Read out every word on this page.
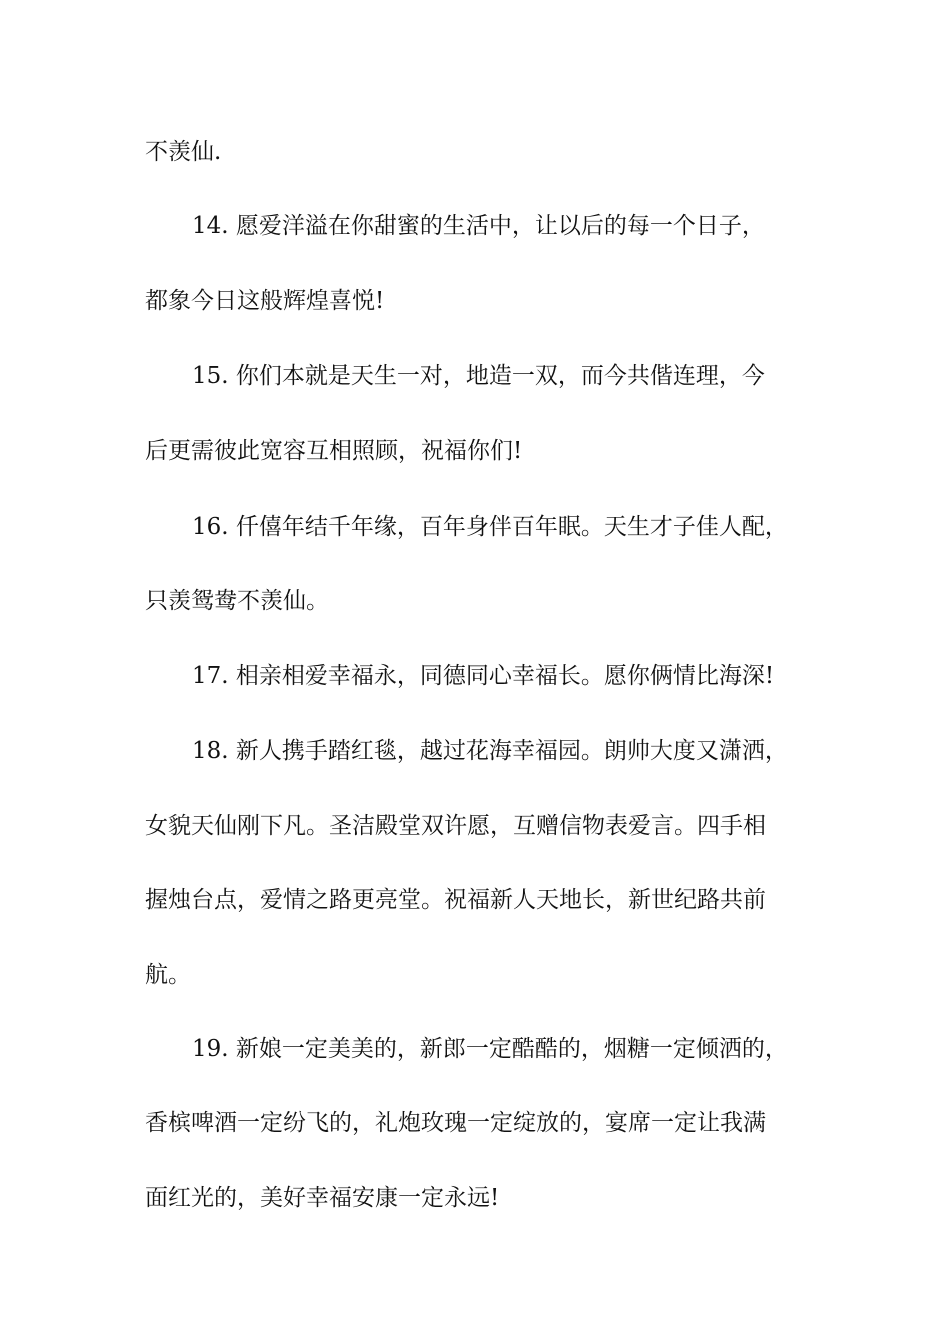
不羡仙.
14. 愿爱洋溢在你甜蜜的生活中，让以后的每一个日子，
都象今日这般辉煌喜悦!
15. 你们本就是天生一对，地造一双，而今共偕连理，今
后更需彼此宽容互相照顾，祝福你们!
16. 仟僖年结千年缘，百年身伴百年眠。天生才子佳人配，
只羡鸳鸯不羡仙。
17. 相亲相爱幸福永，同德同心幸福长。愿你俩情比海深!
18. 新人携手踏红毯，越过花海幸福园。朗帅大度又潇洒，
女貌天仙刚下凡。圣洁殿堂双许愿，互赠信物表爱言。四手相
握烛台点，爱情之路更亮堂。祝福新人天地长，新世纪路共前
航。
19. 新娘一定美美的，新郎一定酷酷的，烟糖一定倾洒的，
香槟啤酒一定纷飞的，礼炮玫瑰一定绽放的，宴席一定让我满
面红光的，美好幸福安康一定永远!
